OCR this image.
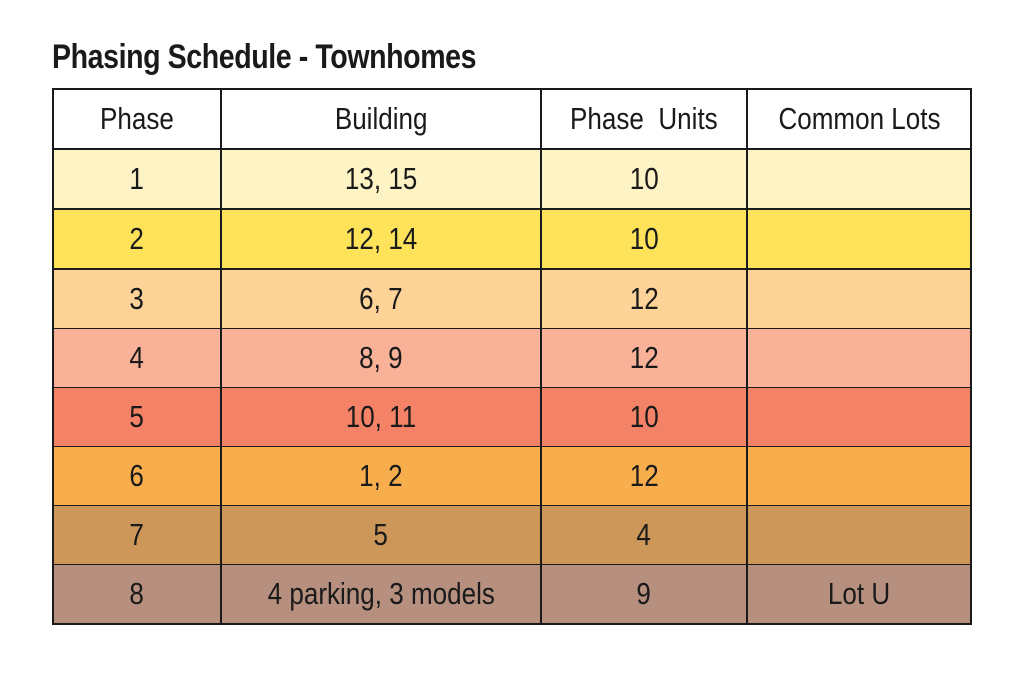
Phasing Schedule - Townhomes
Phase	Building	Phase  Units	Common Lots
1	13, 15	10	
2	12, 14	10	
3	6, 7	12	
4	8, 9	12	
5	10, 11	10	
6	1, 2	12	
7	5	4	
8	4 parking, 3 models	9	Lot U
